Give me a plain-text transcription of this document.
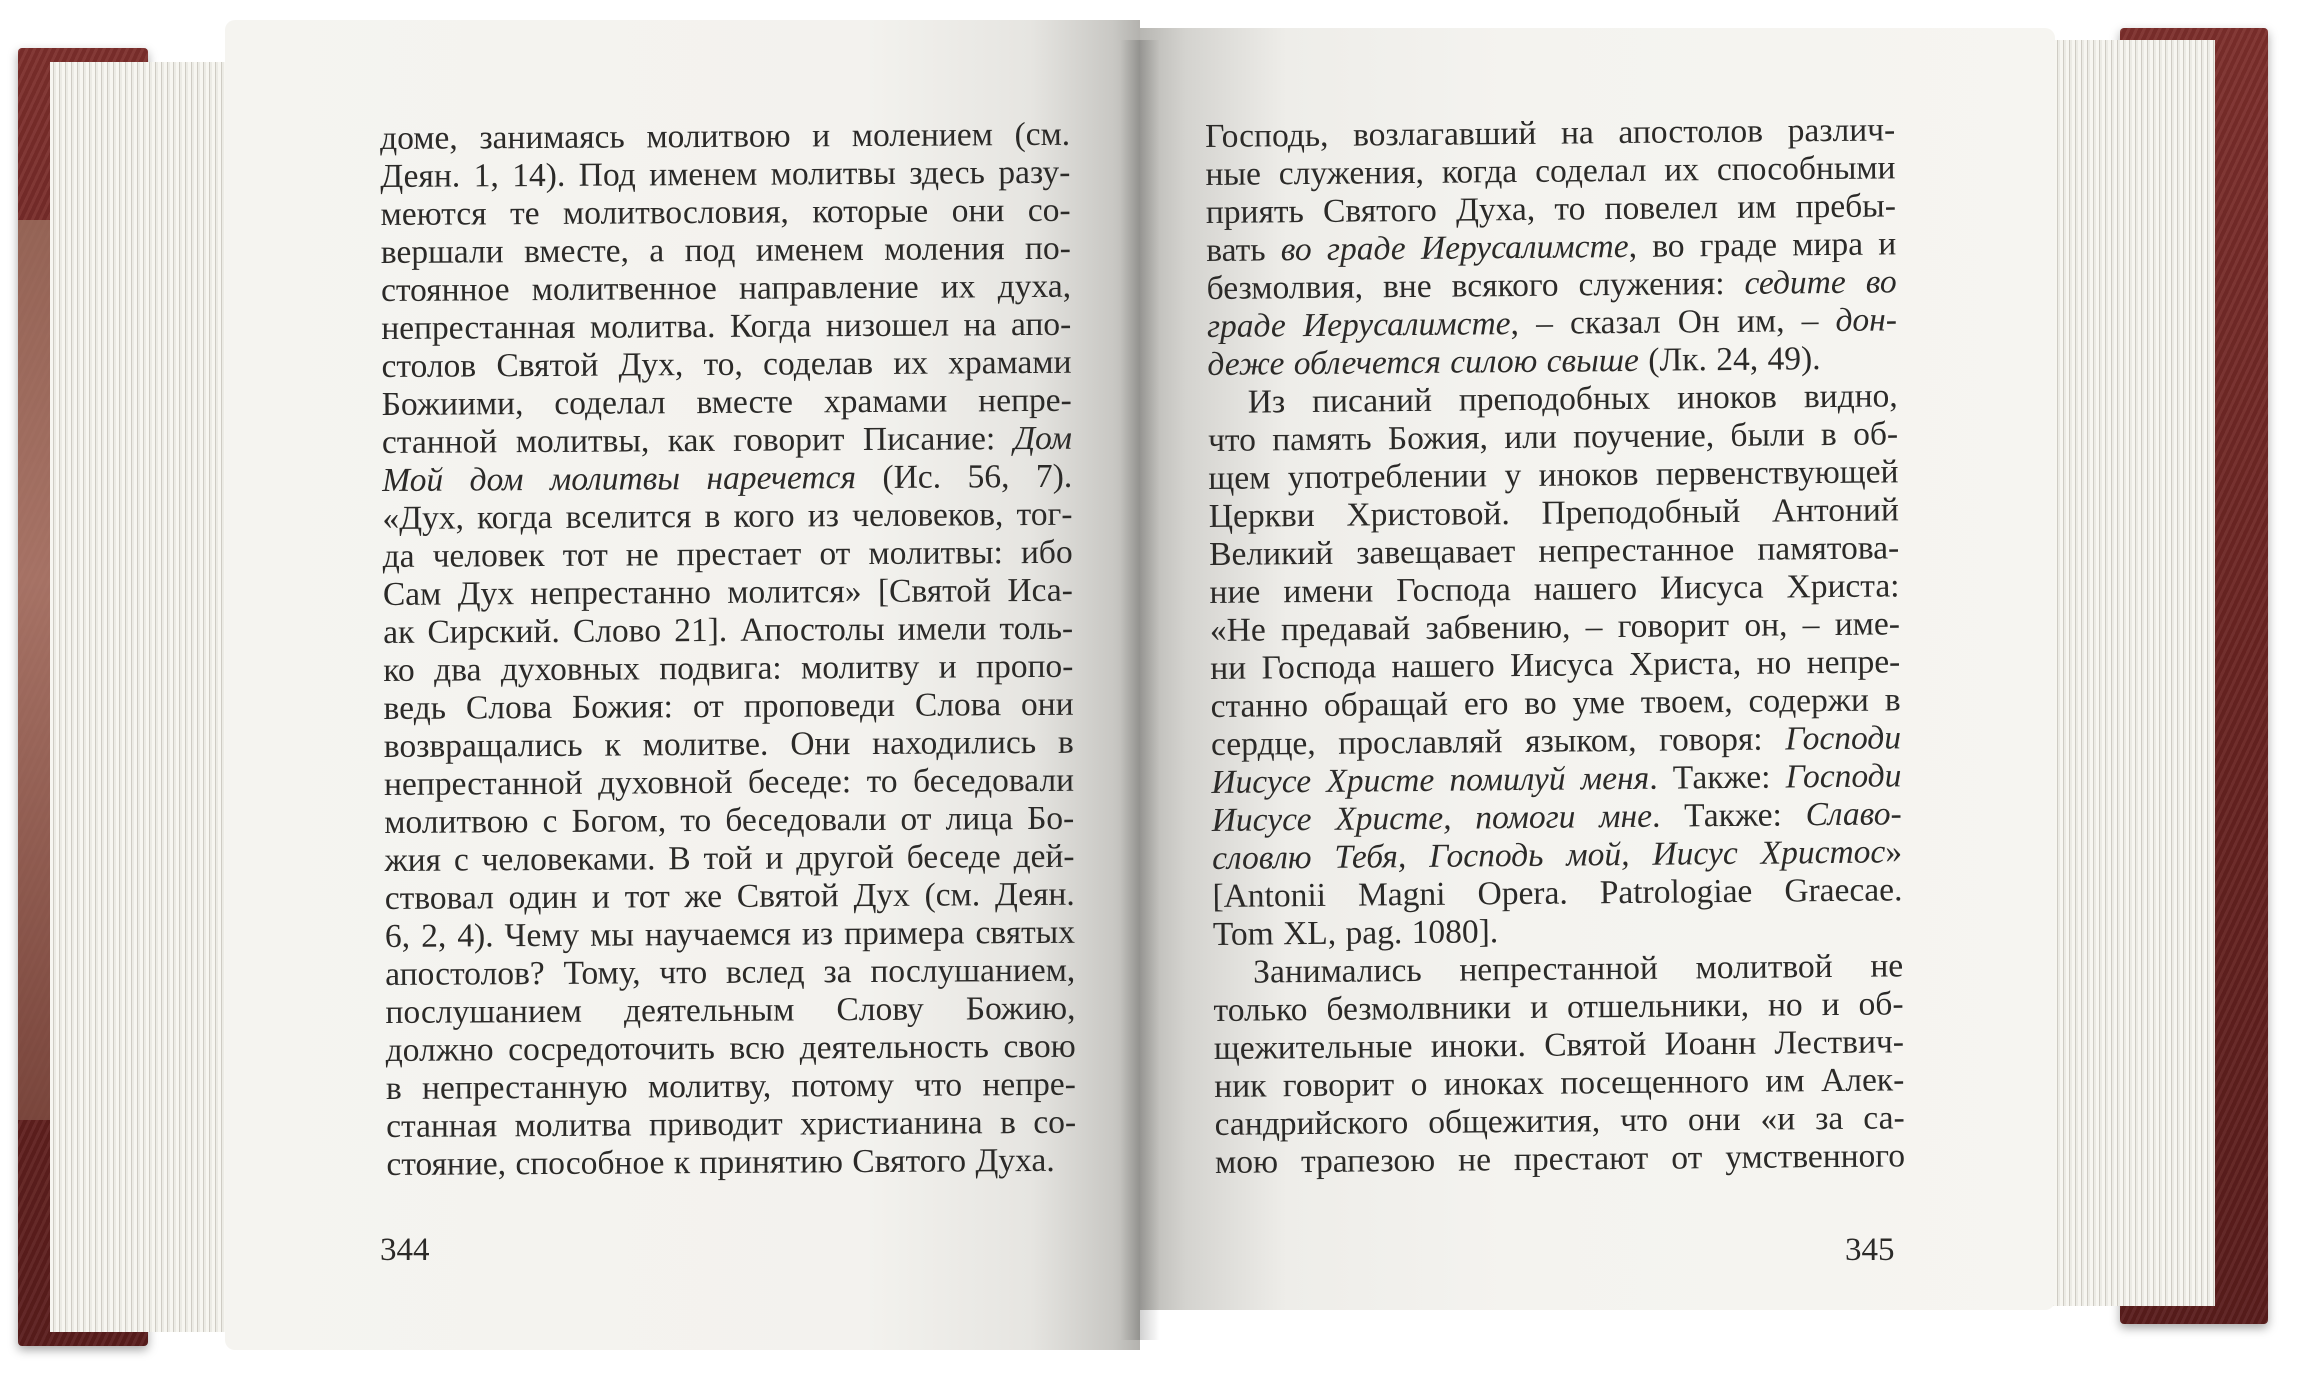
доме, занимаясь молитвою и молением (см.
Деян. 1, 14). Под именем молитвы здесь разу-
меются те молитвословия, которые они со-
вершали вместе, а под именем моления по-
стоянное молитвенное направление их духа,
непрестанная молитва. Когда низошел на апо-
столов Святой Дух, то, соделав их храмами
Божиими, соделал вместе храмами непре-
станной молитвы, как говорит Писание: Дом
Мой дом молитвы наречется (Ис. 56, 7).
«Дух, когда вселится в кого из человеков, тог-
да человек тот не престает от молитвы: ибо
Сам Дух непрестанно молится» [Святой Иса-
ак Сирский. Слово 21]. Апостолы имели толь-
ко два духовных подвига: молитву и пропо-
ведь Слова Божия: от проповеди Слова они
возвращались к молитве. Они находились в
непрестанной духовной беседе: то беседовали
молитвою с Богом, то беседовали от лица Бо-
жия с человеками. В той и другой беседе дей-
ствовал один и тот же Святой Дух (см. Деян.
6, 2, 4). Чему мы научаемся из примера святых
апостолов? Тому, что вслед за послушанием,
послушанием деятельным Слову Божию,
должно сосредоточить всю деятельность свою
в непрестанную молитву, потому что непре-
станная молитва приводит христианина в со-
стояние, способное к принятию Святого Духа.
Господь, возлагавший на апостолов различ-
ные служения, когда соделал их способными
приять Святого Духа, то повелел им пребы-
вать во граде Иерусалимсте, во граде мира и
безмолвия, вне всякого служения: седите во
граде Иерусалимсте, – сказал Он им, – дон-
деже облечется силою свыше (Лк. 24, 49).
Из писаний преподобных иноков видно,
что память Божия, или поучение, были в об-
щем употреблении у иноков первенствующей
Церкви Христовой. Преподобный Антоний
Великий завещавает непрестанное памятова-
ние имени Господа нашего Иисуса Христа:
«Не предавай забвению, – говорит он, – име-
ни Господа нашего Иисуса Христа, но непре-
станно обращай его во уме твоем, содержи в
сердце, прославляй языком, говоря: Господи
Иисусе Христе помилуй меня. Также: Господи
Иисусе Христе, помоги мне. Также: Славо-
словлю Тебя, Господь мой, Иисус Христос»
[Antonii Magni Opera. Patrologiae Graecae.
Tom XL, pag. 1080].
Занимались непрестанной молитвой не
только безмолвники и отшельники, но и об-
щежительные иноки. Святой Иоанн Лествич-
ник говорит о иноках посещенного им Алек-
сандрийского общежития, что они «и за са-
мою трапезою не престают от умственного
344	345
